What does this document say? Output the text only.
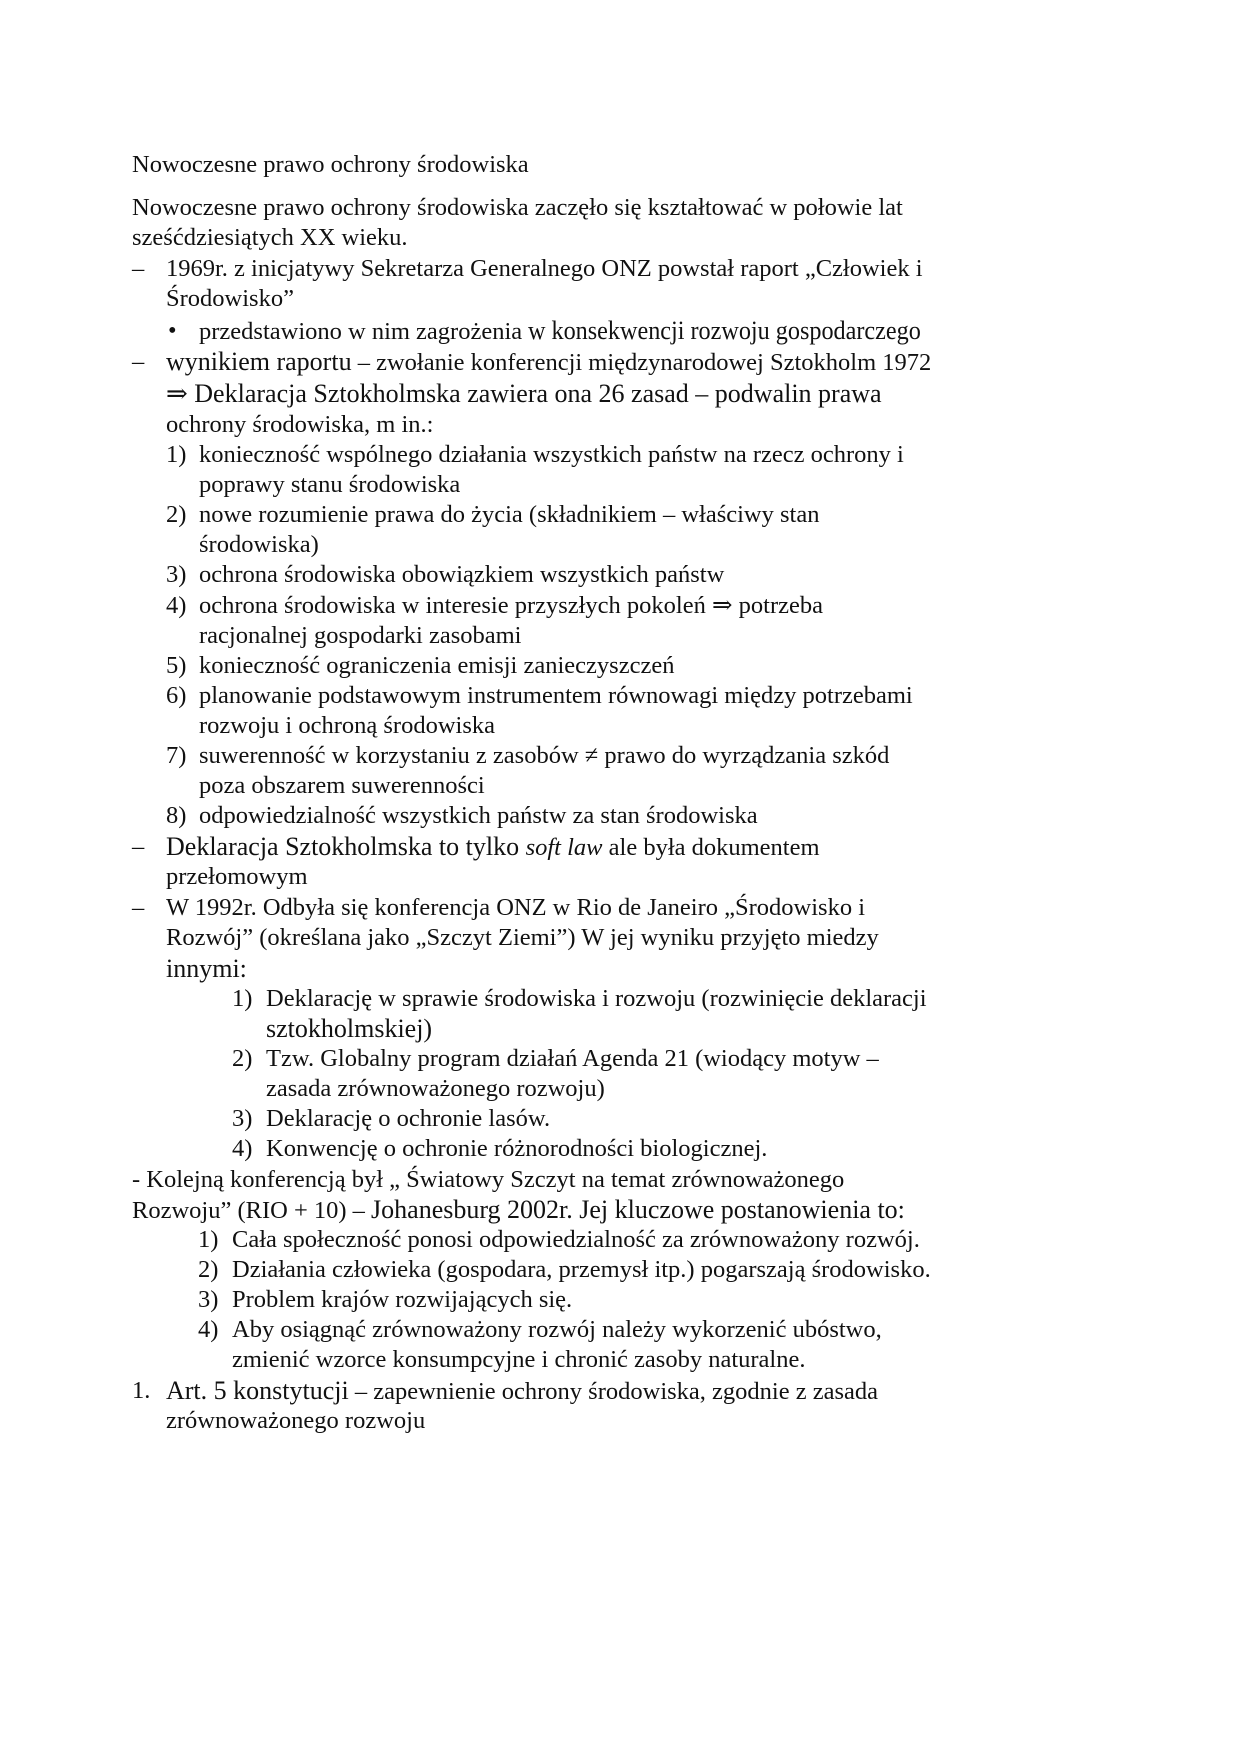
Nowoczesne prawo ochrony środowiska
Nowoczesne prawo ochrony środowiska zaczęło się kształtować w połowie lat
sześćdziesiątych XX wieku.
– 1969r. z inicjatywy Sekretarza Generalnego ONZ powstał raport „Człowiek i
Środowisko”
• przedstawiono w nim zagrożenia w konsekwencji rozwoju gospodarczego
– wynikiem raportu – zwołanie konferencji międzynarodowej Sztokholm 1972
⇒ Deklaracja Sztokholmska zawiera ona 26 zasad – podwalin prawa
ochrony środowiska, m in.:
1) konieczność wspólnego działania wszystkich państw na rzecz ochrony i
poprawy stanu środowiska
2) nowe rozumienie prawa do życia (składnikiem – właściwy stan
środowiska)
3) ochrona środowiska obowiązkiem wszystkich państw
4) ochrona środowiska w interesie przyszłych pokoleń ⇒ potrzeba
racjonalnej gospodarki zasobami
5) konieczność ograniczenia emisji zanieczyszczeń
6) planowanie podstawowym instrumentem równowagi między potrzebami
rozwoju i ochroną środowiska
7) suwerenność w korzystaniu z zasobów ≠ prawo do wyrządzania szkód
poza obszarem suwerenności
8) odpowiedzialność wszystkich państw za stan środowiska
– Deklaracja Sztokholmska to tylko soft law ale była dokumentem
przełomowym
– W 1992r. Odbyła się konferencja ONZ w Rio de Janeiro „Środowisko i
Rozwój” (określana jako „Szczyt Ziemi”) W jej wyniku przyjęto miedzy
innymi:
1) Deklarację w sprawie środowiska i rozwoju (rozwinięcie deklaracji
sztokholmskiej)
2) Tzw. Globalny program działań Agenda 21 (wiodący motyw –
zasada zrównoważonego rozwoju)
3) Deklarację o ochronie lasów.
4) Konwencję o ochronie różnorodności biologicznej.
- Kolejną konferencją był „ Światowy Szczyt na temat zrównoważonego
Rozwoju” (RIO + 10) – Johanesburg 2002r. Jej kluczowe postanowienia to:
1) Cała społeczność ponosi odpowiedzialność za zrównoważony rozwój.
2) Działania człowieka (gospodara, przemysł itp.) pogarszają środowisko.
3) Problem krajów rozwijających się.
4) Aby osiągnąć zrównoważony rozwój należy wykorzenić ubóstwo,
zmienić wzorce konsumpcyjne i chronić zasoby naturalne.
1. Art. 5 konstytucji – zapewnienie ochrony środowiska, zgodnie z zasada
zrównoważonego rozwoju
